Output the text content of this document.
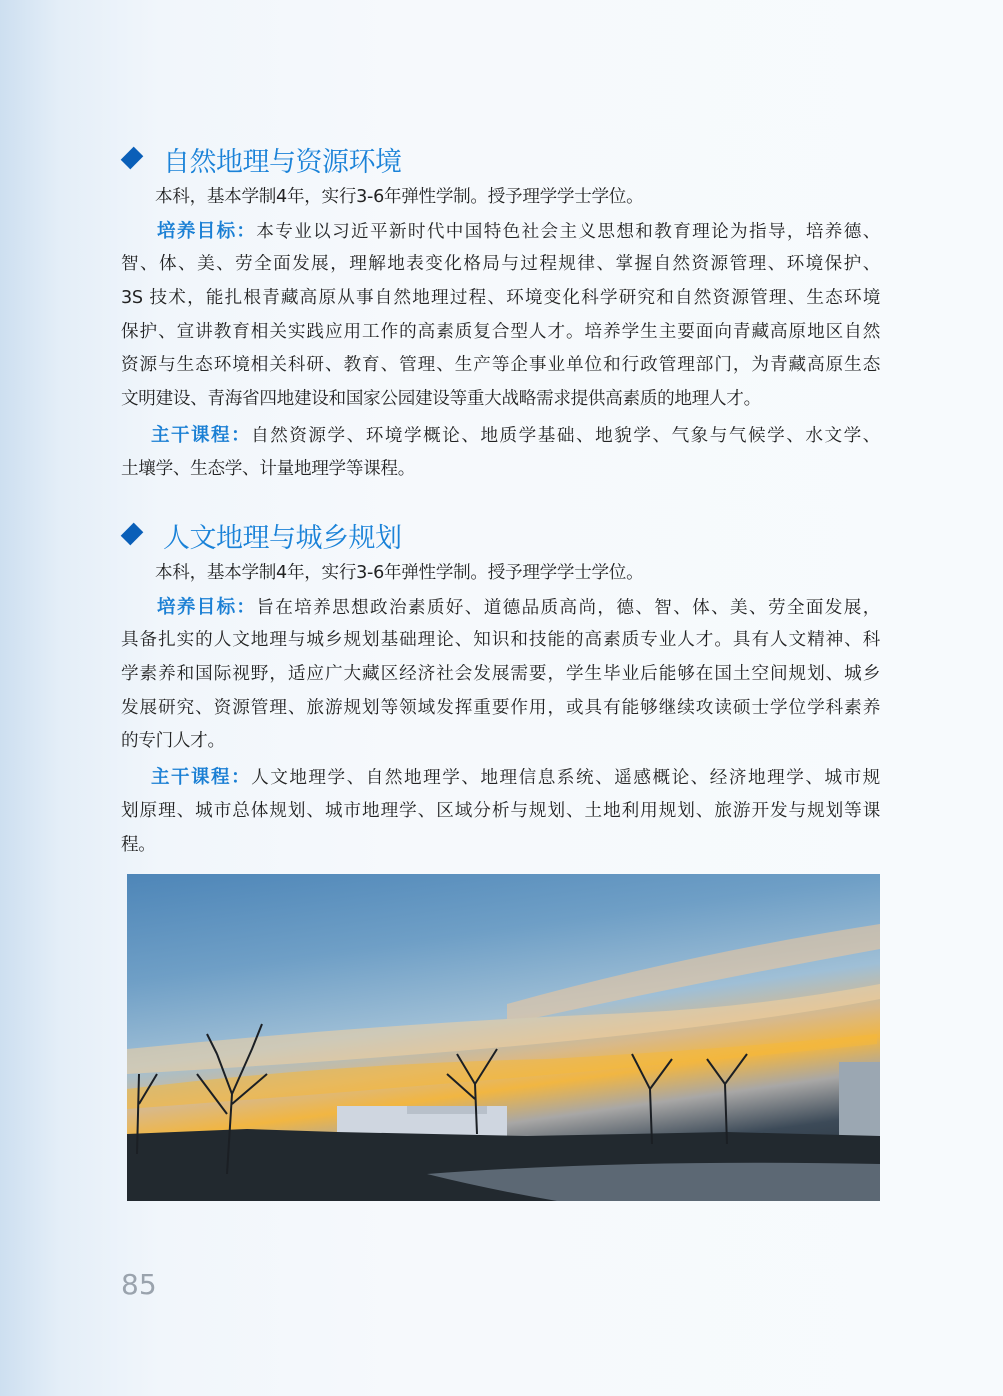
自然地理与资源环境
本科，基本学制4年，实行3-6年弹性学制。授予理学学士学位。
培养目标：本专业以习近平新时代中国特色社会主义思想和教育理论为指导，培养德、
智、体、美、劳全面发展，理解地表变化格局与过程规律、掌握自然资源管理、环境保护、
3S 技术，能扎根青藏高原从事自然地理过程、环境变化科学研究和自然资源管理、生态环境
保护、宣讲教育相关实践应用工作的高素质复合型人才。培养学生主要面向青藏高原地区自然
资源与生态环境相关科研、教育、管理、生产等企事业单位和行政管理部门，为青藏高原生态
文明建设、青海省四地建设和国家公园建设等重大战略需求提供高素质的地理人才。
主干课程：自然资源学、环境学概论、地质学基础、地貌学、气象与气候学、水文学、
土壤学、生态学、计量地理学等课程。
人文地理与城乡规划
本科，基本学制4年，实行3-6年弹性学制。授予理学学士学位。
培养目标：旨在培养思想政治素质好、道德品质高尚，德、智、体、美、劳全面发展，
具备扎实的人文地理与城乡规划基础理论、知识和技能的高素质专业人才。具有人文精神、科
学素养和国际视野，适应广大藏区经济社会发展需要，学生毕业后能够在国土空间规划、城乡
发展研究、资源管理、旅游规划等领域发挥重要作用，或具有能够继续攻读硕士学位学科素养
的专门人才。
主干课程：人文地理学、自然地理学、地理信息系统、遥感概论、经济地理学、城市规
划原理、城市总体规划、城市地理学、区域分析与规划、土地利用规划、旅游开发与规划等课
程。
85
